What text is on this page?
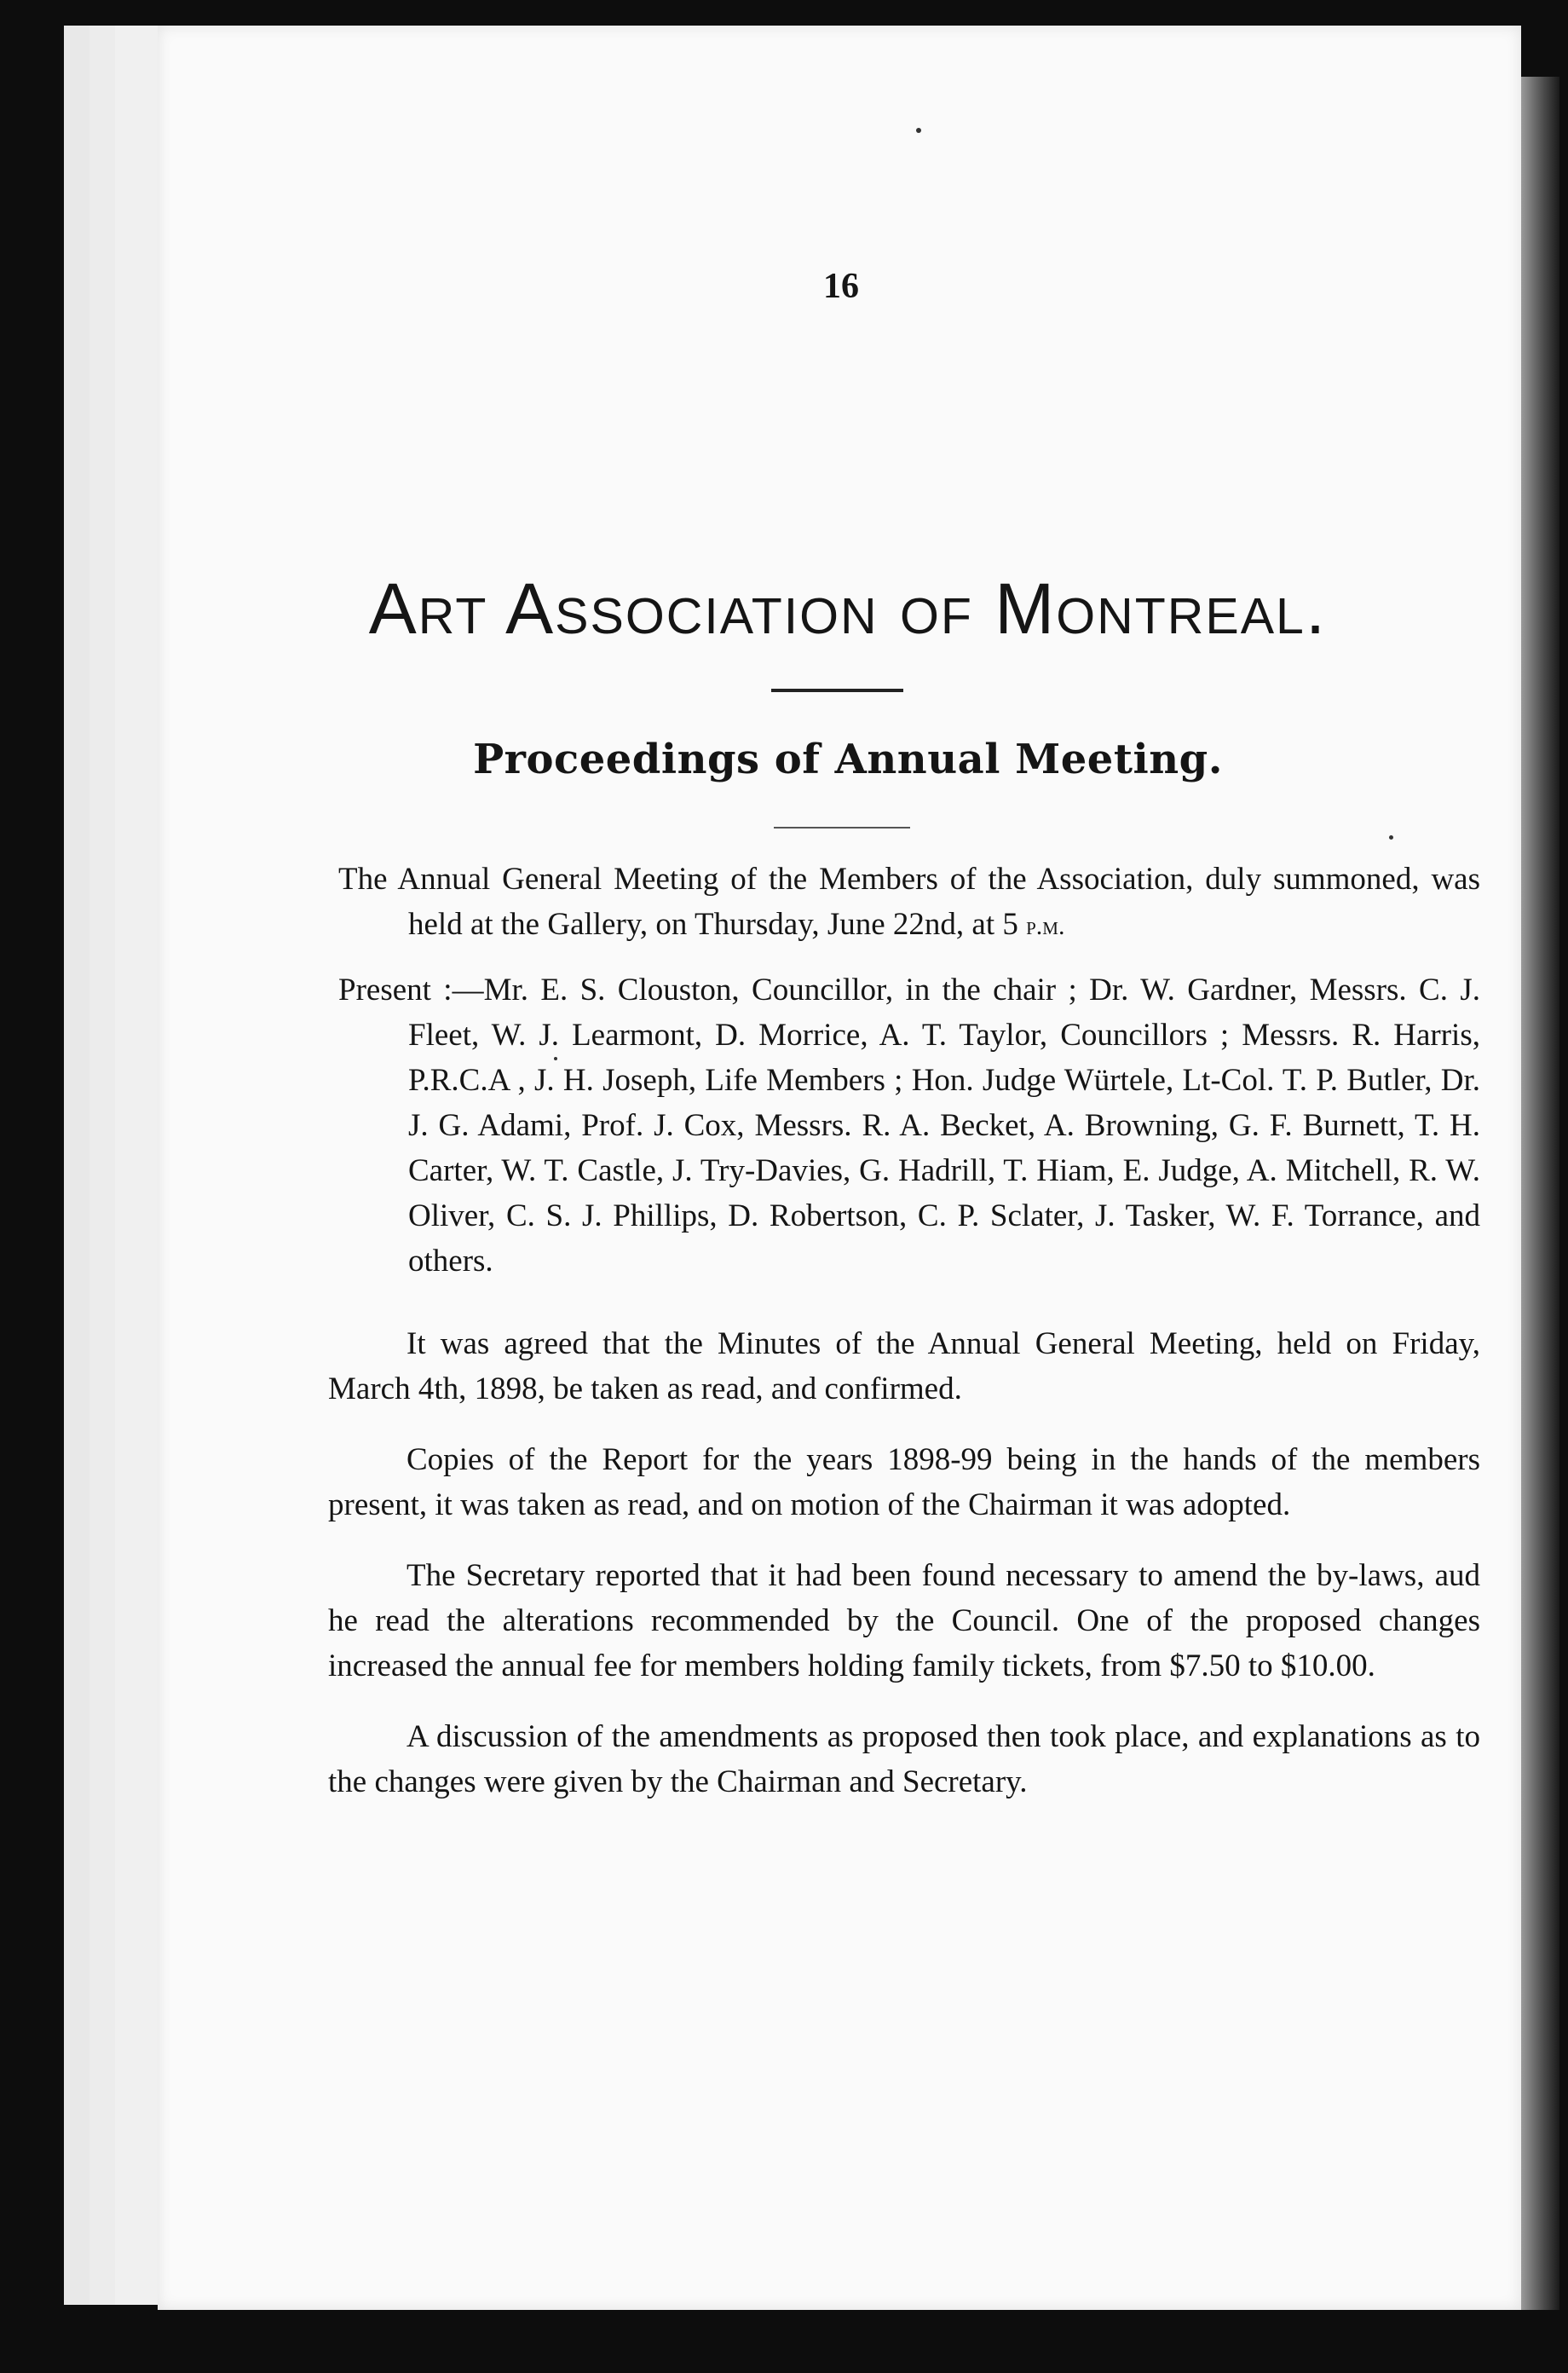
16
Art Association of Montreal.
Proceedings of Annual Meeting.

The Annual General Meeting of the Members of the Association, duly summoned, was held at the Gallery, on Thursday, June 22nd, at 5 p.m.

Present :—Mr. E. S. Clouston, Councillor, in the chair ; Dr. W. Gardner, Messrs. C. J. Fleet, W. J. Learmont, D. Morrice, A. T. Taylor, Councillors ; Messrs. R. Harris, P.R.C.A , J. H. Joseph, Life Members ; Hon. Judge Würtele, Lt-Col. T. P. Butler, Dr. J. G. Adami, Prof. J. Cox, Messrs. R. A. Becket, A. Browning, G. F. Burnett, T. H. Carter, W. T. Castle, J. Try-Davies, G. Hadrill, T. Hiam, E. Judge, A. Mitchell, R. W. Oliver, C. S. J. Phillips, D. Robertson, C. P. Sclater, J. Tasker, W. F. Torrance, and others.

It was agreed that the Minutes of the Annual General Meeting, held on Friday, March 4th, 1898, be taken as read, and confirmed.

Copies of the Report for the years 1898-99 being in the hands of the members present, it was taken as read, and on motion of the Chairman it was adopted.

The Secretary reported that it had been found necessary to amend the by-laws, aud he read the alterations recommended by the Council. One of the proposed changes increased the annual fee for members holding family tickets, from $7.50 to $10.00.

A discussion of the amendments as proposed then took place, and explanations as to the changes were given by the Chairman and Secretary.
